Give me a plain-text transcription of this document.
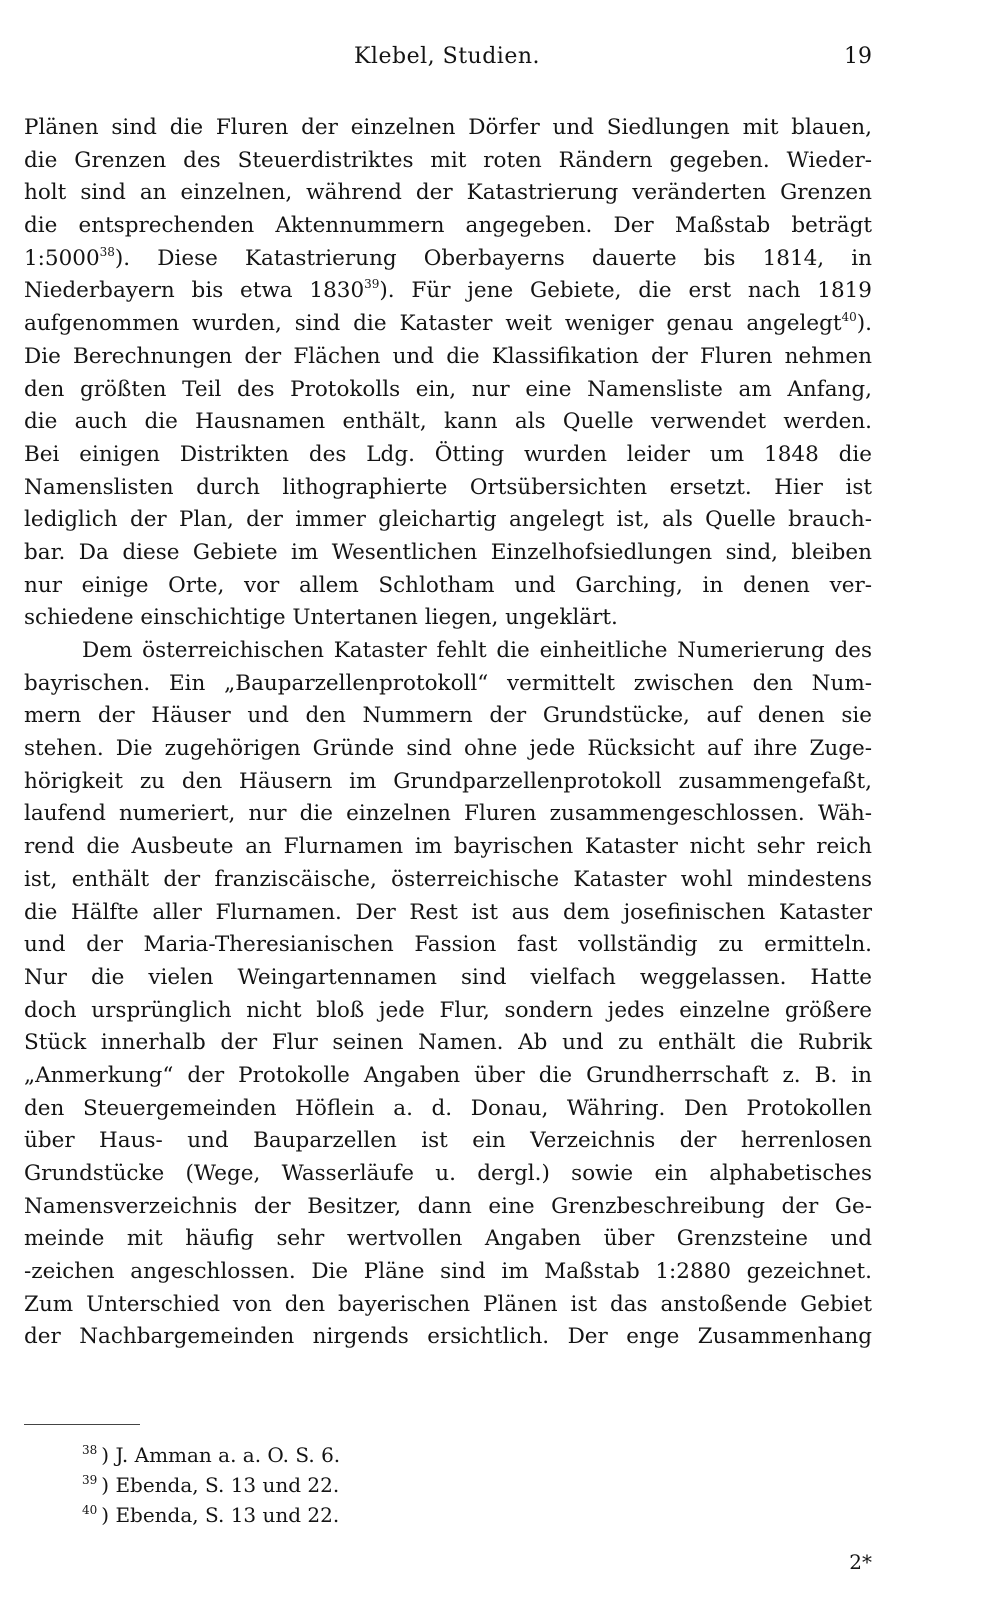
Klebel, Studien.	19
Plänen sind die Fluren der einzelnen Dörfer und Siedlungen mit blauen,
die Grenzen des Steuerdistriktes mit roten Rändern gegeben. Wieder-
holt sind an einzelnen, während der Katastrierung veränderten Grenzen
die entsprechenden Aktennummern angegeben. Der Maßstab beträgt
1:5000$^{38}$). Diese Katastrierung Oberbayerns dauerte bis 1814, in
Niederbayern bis etwa 1830$^{39}$). Für jene Gebiete, die erst nach 1819
aufgenommen wurden, sind die Kataster weit weniger genau angelegt$^{40}$).
Die Berechnungen der Flächen und die Klassifikation der Fluren nehmen
den größten Teil des Protokolls ein, nur eine Namensliste am Anfang,
die auch die Hausnamen enthält, kann als Quelle verwendet werden.
Bei einigen Distrikten des Ldg. Ötting wurden leider um 1848 die
Namenslisten durch lithographierte Ortsübersichten ersetzt. Hier ist
lediglich der Plan, der immer gleichartig angelegt ist, als Quelle brauch-
bar. Da diese Gebiete im Wesentlichen Einzelhofsiedlungen sind, bleiben
nur einige Orte, vor allem Schlotham und Garching, in denen ver-
schiedene einschichtige Untertanen liegen, ungeklärt.
Dem österreichischen Kataster fehlt die einheitliche Numerierung des
bayrischen. Ein „Bauparzellenprotokoll“ vermittelt zwischen den Num-
mern der Häuser und den Nummern der Grundstücke, auf denen sie
stehen. Die zugehörigen Gründe sind ohne jede Rücksicht auf ihre Zuge-
hörigkeit zu den Häusern im Grundparzellenprotokoll zusammengefaßt,
laufend numeriert, nur die einzelnen Fluren zusammengeschlossen. Wäh-
rend die Ausbeute an Flurnamen im bayrischen Kataster nicht sehr reich
ist, enthält der franziscäische, österreichische Kataster wohl mindestens
die Hälfte aller Flurnamen. Der Rest ist aus dem josefinischen Kataster
und der Maria-Theresianischen Fassion fast vollständig zu ermitteln.
Nur die vielen Weingartennamen sind vielfach weggelassen. Hatte
doch ursprünglich nicht bloß jede Flur, sondern jedes einzelne größere
Stück innerhalb der Flur seinen Namen. Ab und zu enthält die Rubrik
„Anmerkung“ der Protokolle Angaben über die Grundherrschaft z. B. in
den Steuergemeinden Höflein a. d. Donau, Währing. Den Protokollen
über Haus- und Bauparzellen ist ein Verzeichnis der herrenlosen
Grundstücke (Wege, Wasserläufe u. dergl.) sowie ein alphabetisches
Namensverzeichnis der Besitzer, dann eine Grenzbeschreibung der Ge-
meinde mit häufig sehr wertvollen Angaben über Grenzsteine und
-zeichen angeschlossen. Die Pläne sind im Maßstab 1:2880 gezeichnet.
Zum Unterschied von den bayerischen Plänen ist das anstoßende Gebiet
der Nachbargemeinden nirgends ersichtlich. Der enge Zusammenhang
$^{38}$ ) J. Amman a. a. O. S. 6.
$^{39}$ ) Ebenda, S. 13 und 22.
$^{40}$ ) Ebenda, S. 13 und 22.
2*
